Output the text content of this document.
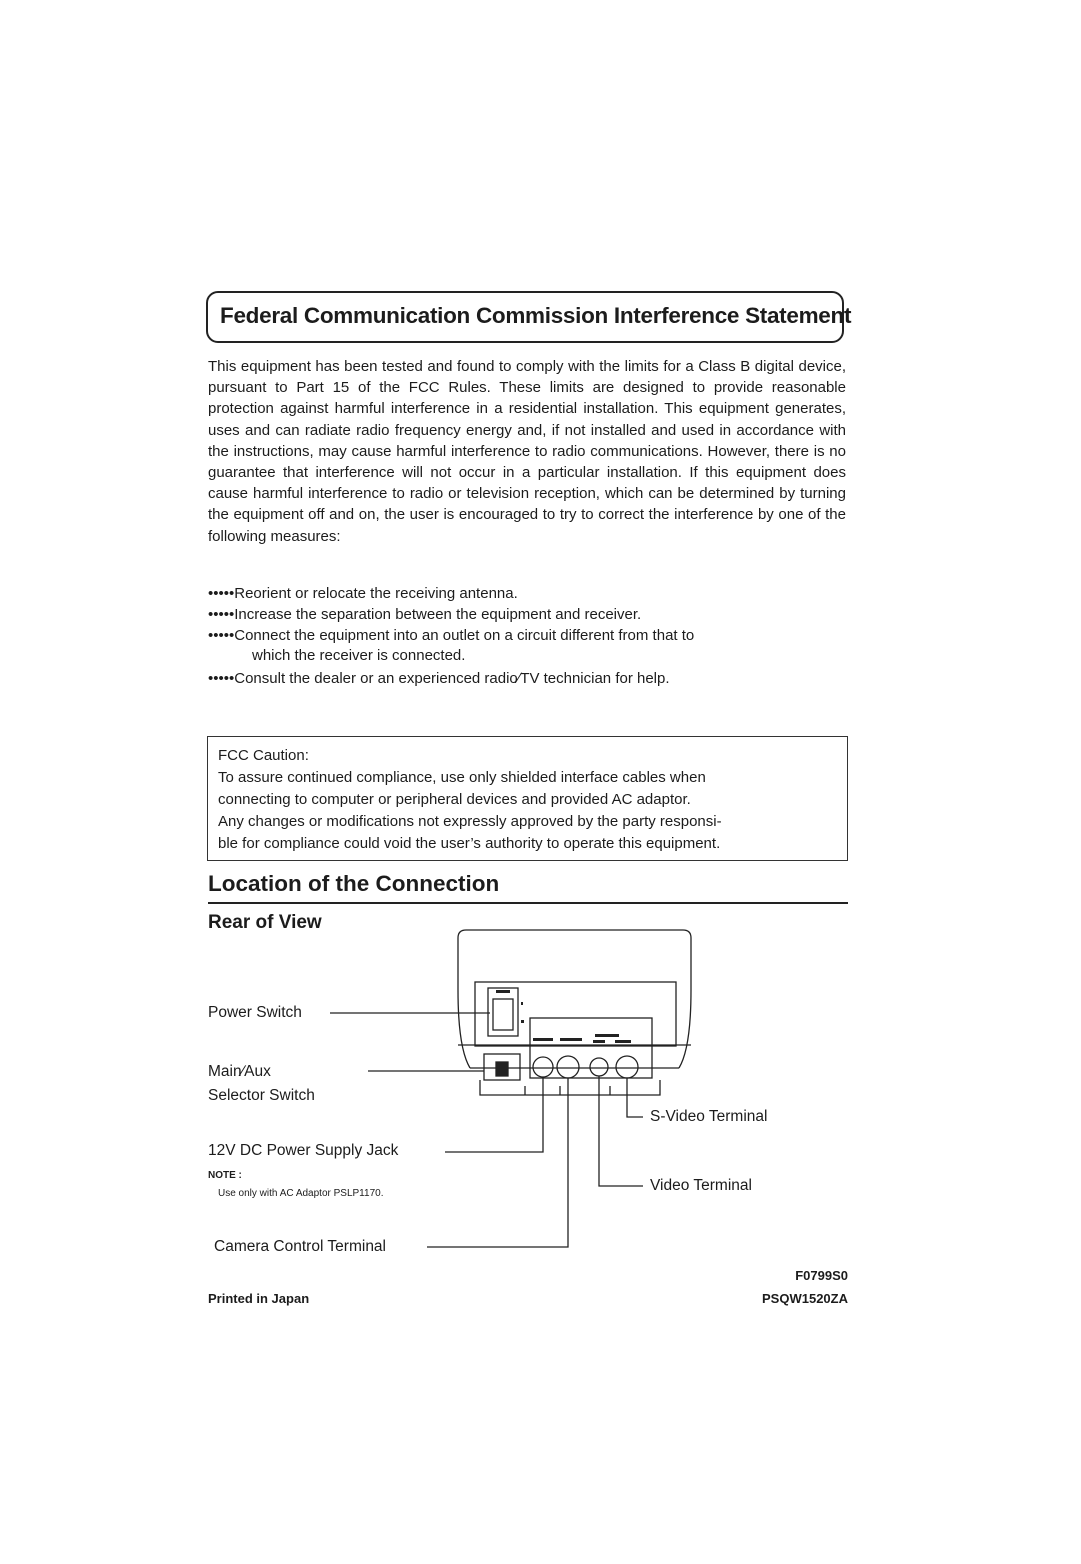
Federal Communication Commission Interference Statement
This equipment has been tested and found to comply with the limits for a Class B digital device, pursuant to Part 15 of the FCC Rules. These limits are designed to provide reasonable protection against harmful interference in a residential installation. This equipment generates, uses and can radiate radio frequency energy and, if not installed and used in accordance with the instructions, may cause harmful interference to radio communications. However, there is no guarantee that interference will not occur in a particular installation. If this equipment does cause harmful interference to radio or television reception, which can be determined by turning the equipment off and on, the user is encouraged to try to correct the interference by one of the following measures:
•••••Reorient or relocate the receiving antenna.
•••••Increase the separation between the equipment and receiver.
•••••Connect the equipment into an outlet on a circuit different from that to
which the receiver is connected.
•••••Consult the dealer or an experienced radio∕TV technician for help.
FCC Caution:
To assure continued compliance, use only shielded interface cables when
connecting to computer or peripheral devices and provided AC adaptor.
Any changes or modifications not expressly approved by the party responsi-
ble for compliance could void the user’s authority to operate this equipment.
Location of the Connection
Rear of View
Power Switch
Main∕Aux
Selector Switch
S-Video Terminal
12V DC Power Supply Jack
NOTE :
Use only with AC Adaptor PSLP1170.	Video Terminal
Camera Control Terminal
Printed in Japan
F0799S0
PSQW1520ZA
